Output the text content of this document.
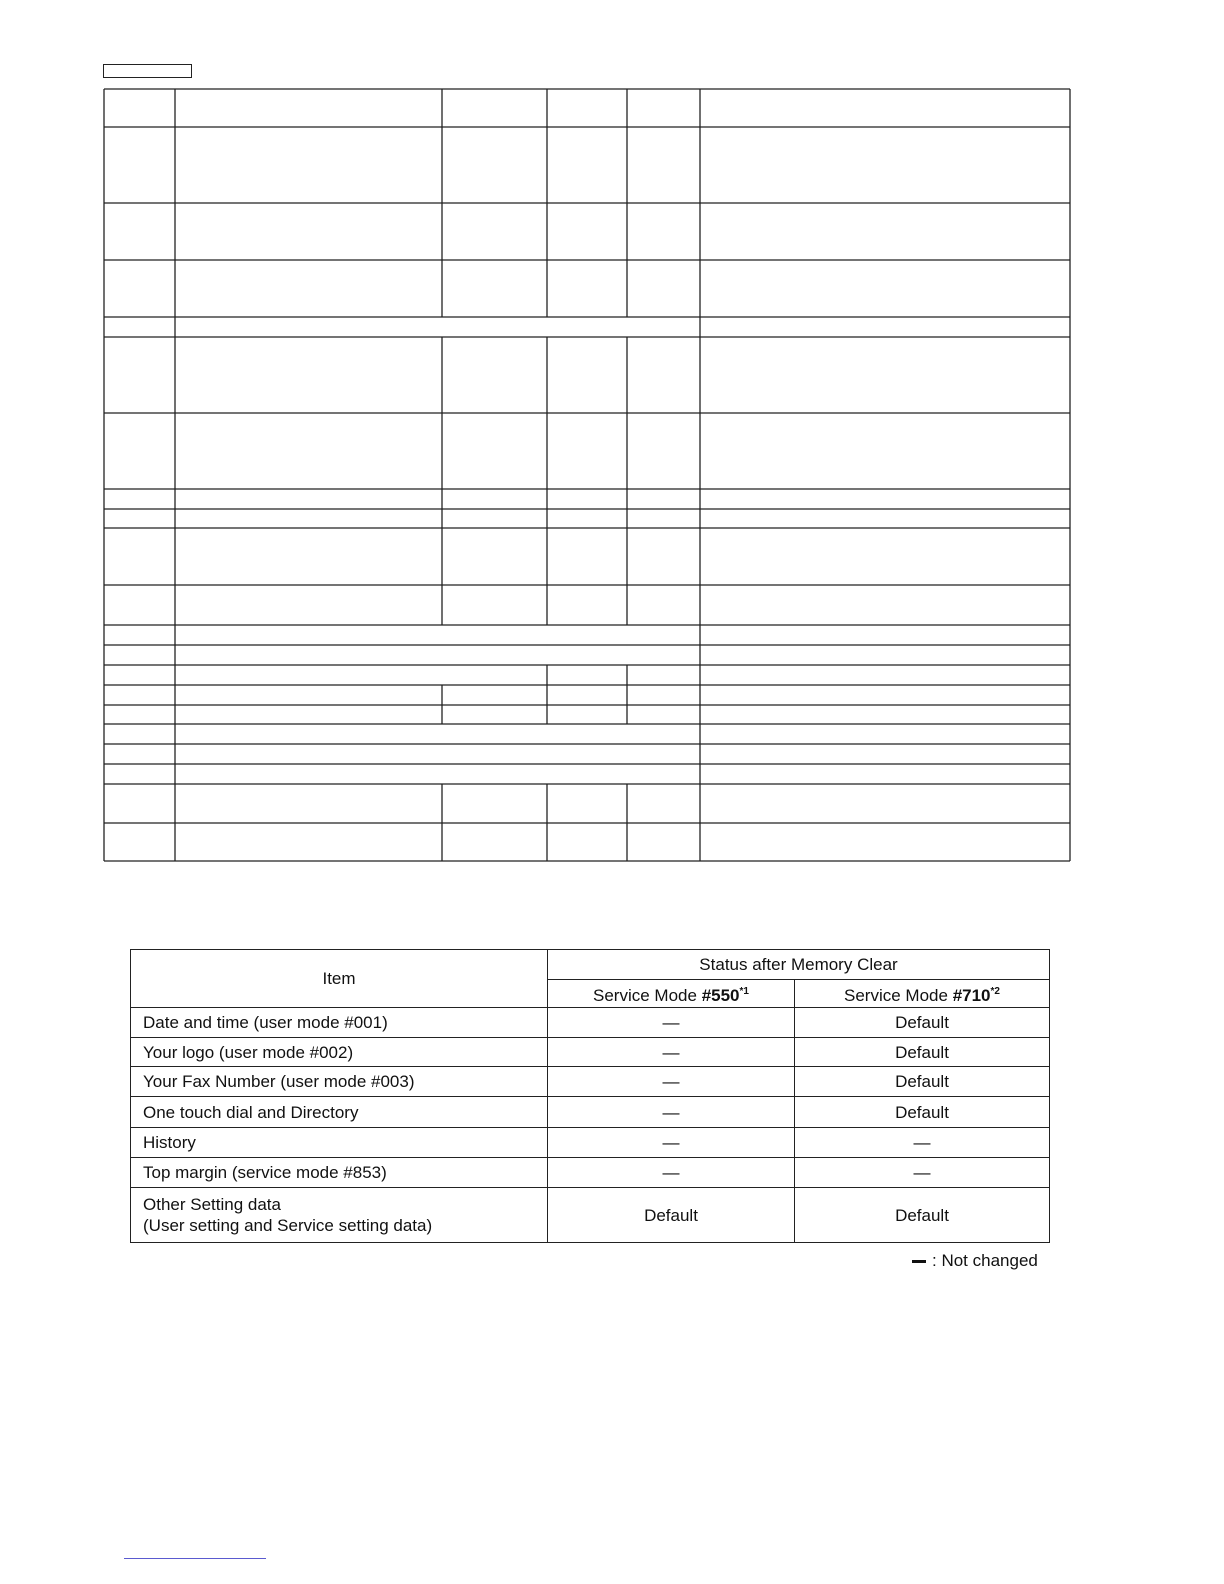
Item	Status after Memory Clear	
	Service Mode #550$^{*1}$	Service Mode #710$^{*2}$
Date and time (user mode #001)	—	Default
Your logo (user mode #002)	—	Default
Your Fax Number (user mode #003)	—	Default
One touch dial and Directory	—	Default
History	—	—
Top margin (service mode #853)	—	—
Other Setting data
(User setting and Service setting data)	Default	Default
: Not changed
